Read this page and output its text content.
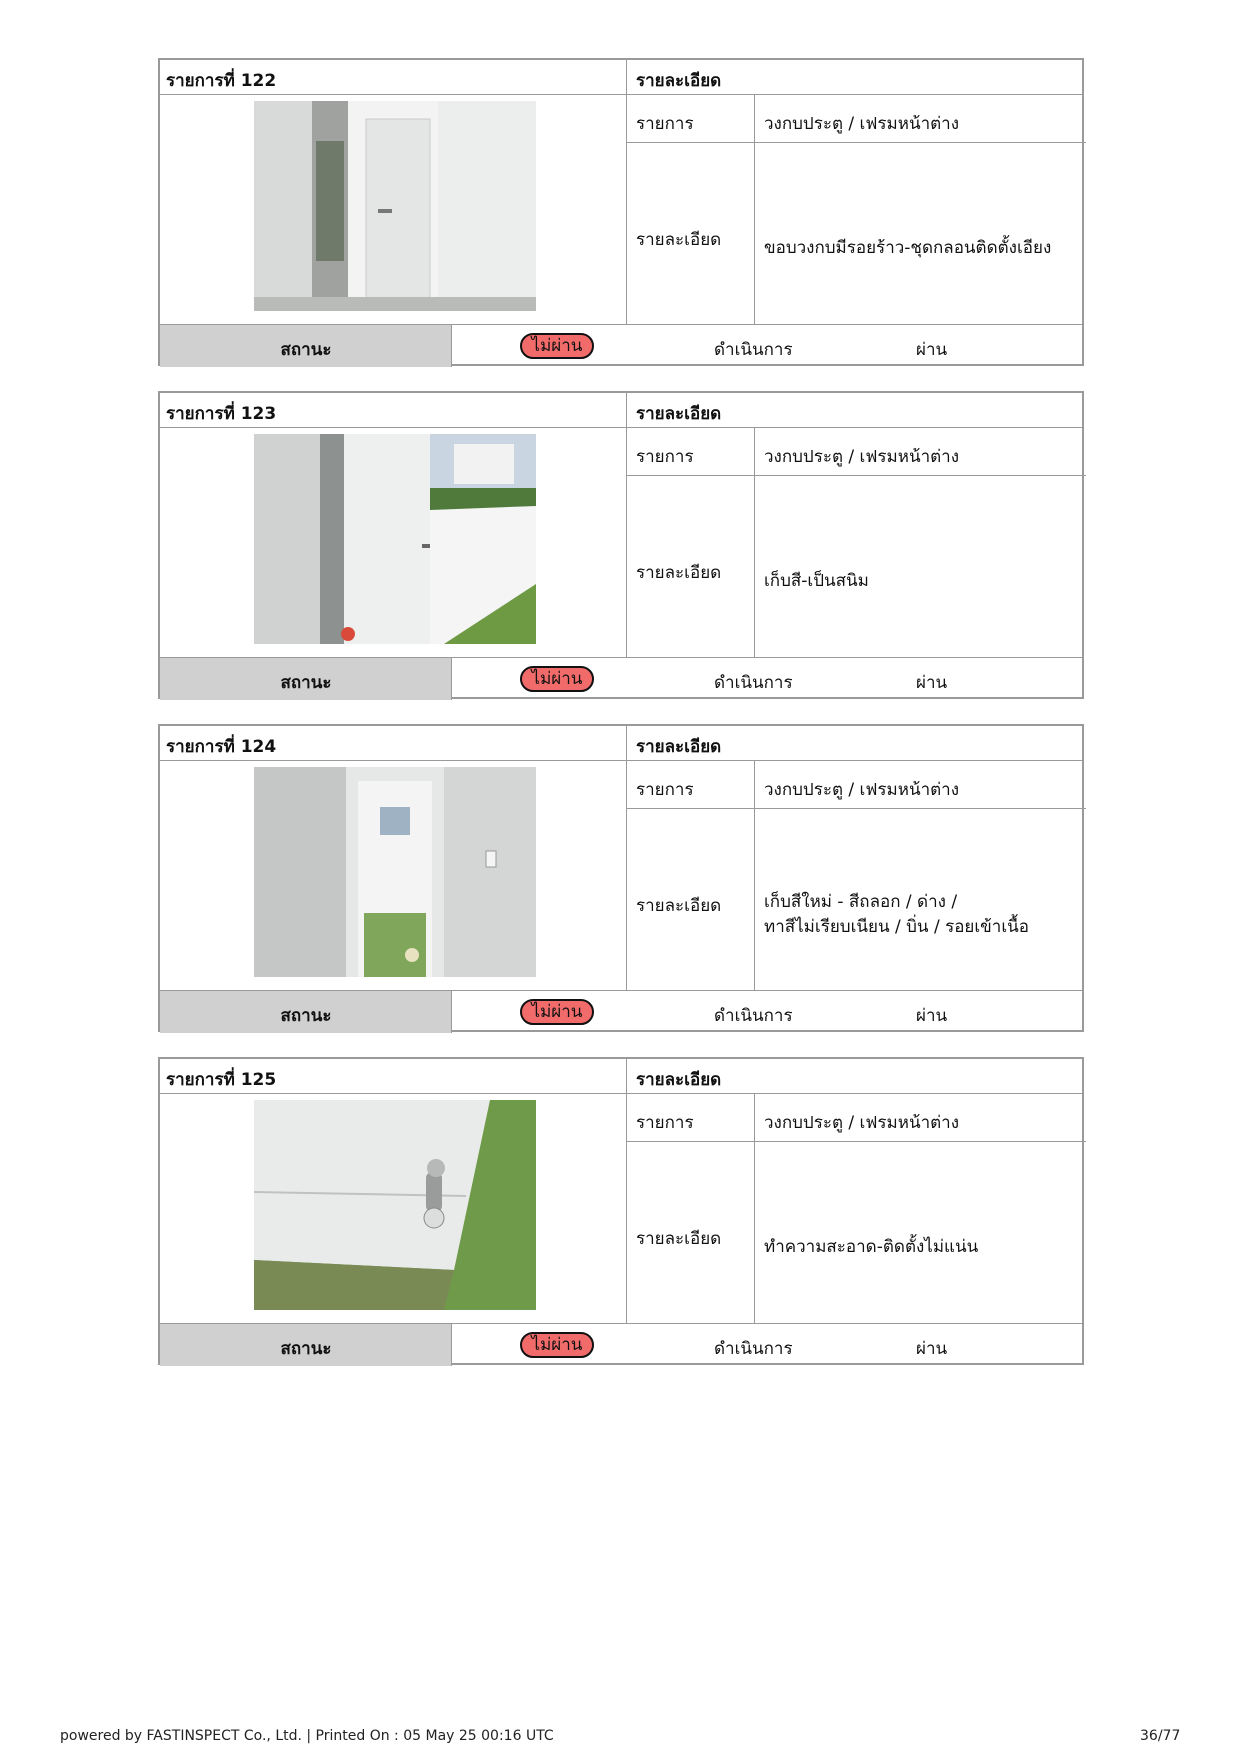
รายการที่ 122	รายละเอียด
รายการ	วงกบประตู / เฟรมหน้าต่าง
รายละเอียด	ขอบวงกบมีรอยร้าว-ชุดกลอนติดตั้งเอียง
สถานะ	ไม่ผ่าน	ดำเนินการ	ผ่าน
รายการที่ 123	รายละเอียด
รายการ	วงกบประตู / เฟรมหน้าต่าง
รายละเอียด	เก็บสี-เป็นสนิม
สถานะ	ไม่ผ่าน	ดำเนินการ	ผ่าน
รายการที่ 124	รายละเอียด
รายการ	วงกบประตู / เฟรมหน้าต่าง
รายละเอียด	เก็บสีใหม่ - สีถลอก / ด่าง /
ทาสีไม่เรียบเนียน / บิ่น / รอยเข้าเนื้อ
สถานะ	ไม่ผ่าน	ดำเนินการ	ผ่าน
รายการที่ 125	รายละเอียด
รายการ	วงกบประตู / เฟรมหน้าต่าง
รายละเอียด	ทำความสะอาด-ติดตั้งไม่แน่น
สถานะ	ไม่ผ่าน	ดำเนินการ	ผ่าน
powered by FASTINSPECT Co., Ltd. | Printed On : 05 May 25 00:16 UTC	36/77
